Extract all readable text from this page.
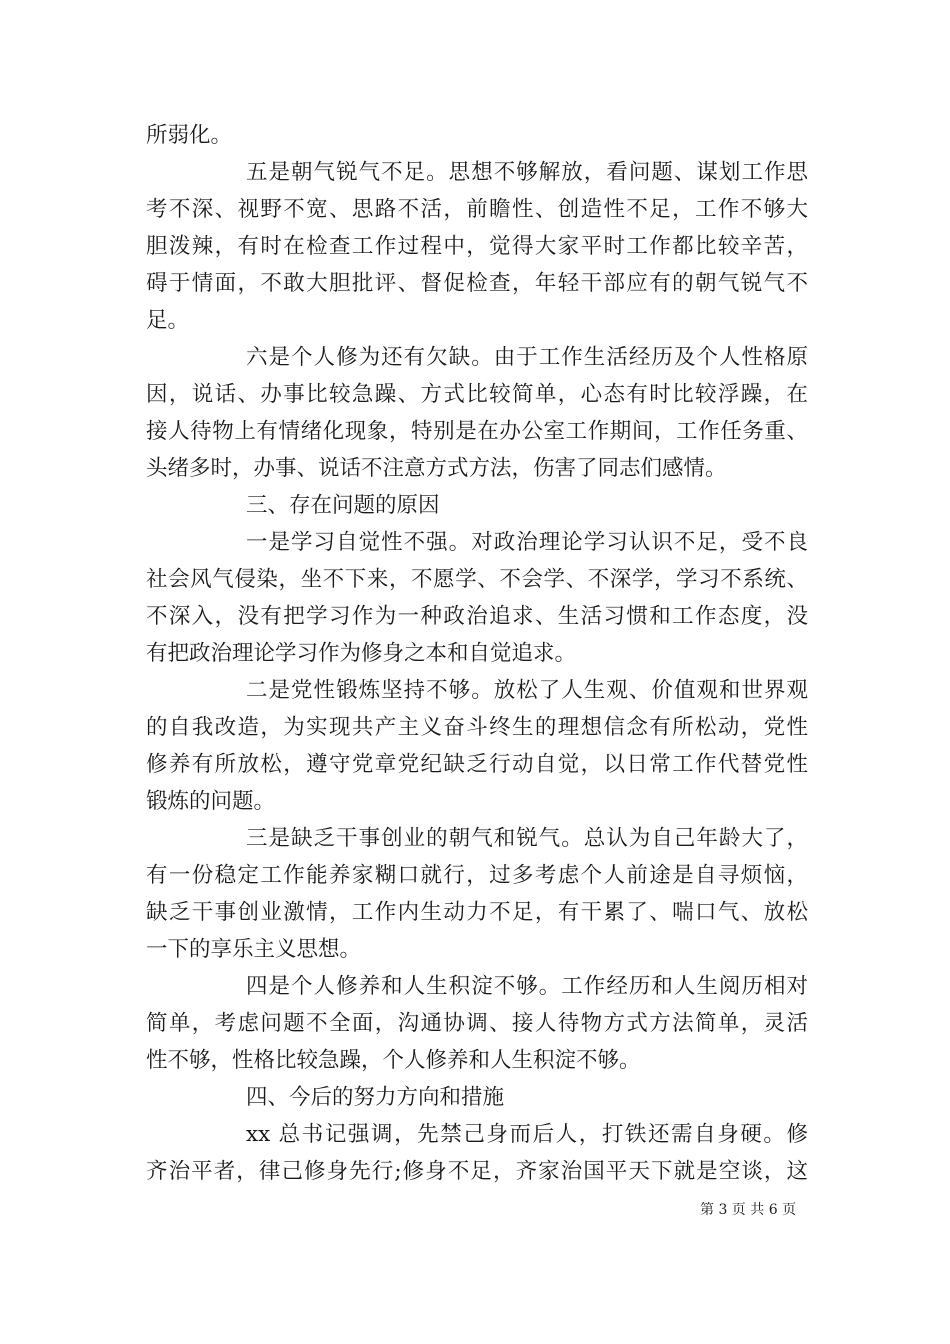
所弱化。
五是朝气锐气不足。思想不够解放，看问题、谋划工作思
考不深、视野不宽、思路不活，前瞻性、创造性不足，工作不够大
胆泼辣，有时在检查工作过程中，觉得大家平时工作都比较辛苦，
碍于情面，不敢大胆批评、督促检查，年轻干部应有的朝气锐气不
足。
六是个人修为还有欠缺。由于工作生活经历及个人性格原
因，说话、办事比较急躁、方式比较简单，心态有时比较浮躁，在
接人待物上有情绪化现象，特别是在办公室工作期间，工作任务重、
头绪多时，办事、说话不注意方式方法，伤害了同志们感情。
三、存在问题的原因
一是学习自觉性不强。对政治理论学习认识不足，受不良
社会风气侵染，坐不下来，不愿学、不会学、不深学，学习不系统、
不深入，没有把学习作为一种政治追求、生活习惯和工作态度，没
有把政治理论学习作为修身之本和自觉追求。
二是党性锻炼坚持不够。放松了人生观、价值观和世界观
的自我改造，为实现共产主义奋斗终生的理想信念有所松动，党性
修养有所放松，遵守党章党纪缺乏行动自觉，以日常工作代替党性
锻炼的问题。
三是缺乏干事创业的朝气和锐气。总认为自己年龄大了，
有一份稳定工作能养家糊口就行，过多考虑个人前途是自寻烦恼，
缺乏干事创业激情，工作内生动力不足，有干累了、喘口气、放松
一下的享乐主义思想。
四是个人修养和人生积淀不够。工作经历和人生阅历相对
简单，考虑问题不全面，沟通协调、接人待物方式方法简单，灵活
性不够，性格比较急躁，个人修养和人生积淀不够。
四、今后的努力方向和措施
xx 总书记强调，先禁己身而后人，打铁还需自身硬。修
齐治平者，律己修身先行;修身不足，齐家治国平天下就是空谈，这
第 3 页 共 6 页
